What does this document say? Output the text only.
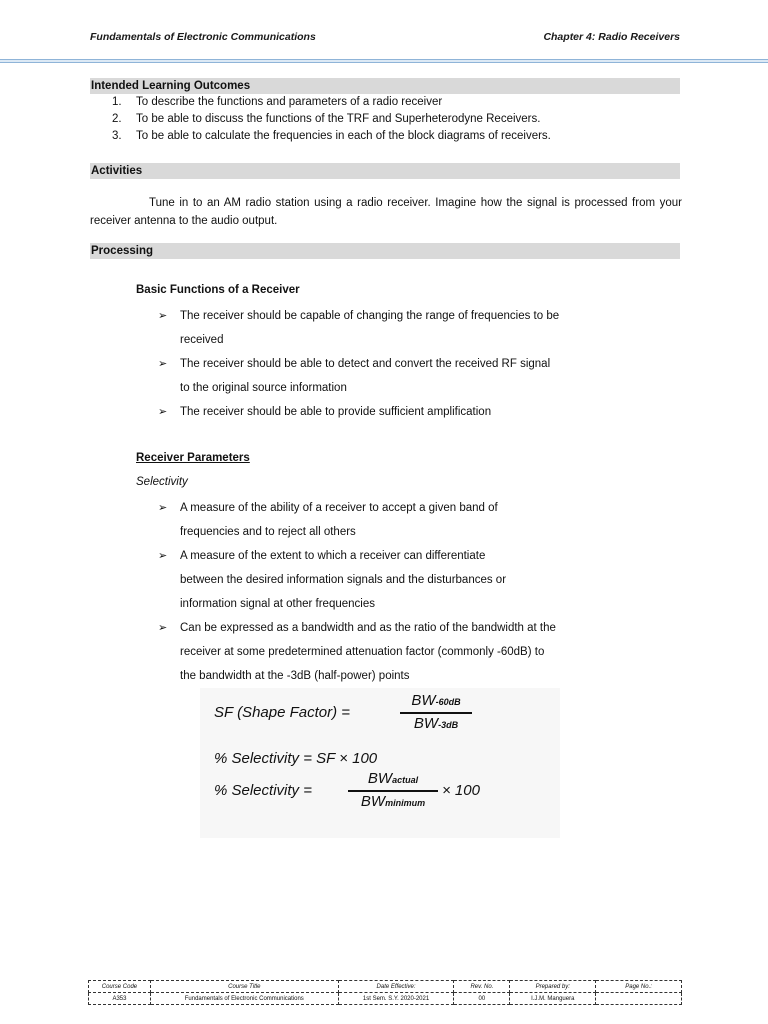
Fundamentals of Electronic Communications	Chapter 4: Radio Receivers
Intended Learning Outcomes
1. To describe the functions and parameters of a radio receiver
2. To be able to discuss the functions of the TRF and Superheterodyne Receivers.
3. To be able to calculate the frequencies in each of the block diagrams of receivers.
Activities
Tune in to an AM radio station using a radio receiver. Imagine how the signal is processed from your receiver antenna to the audio output.
Processing
Basic Functions of a Receiver
➢ The receiver should be capable of changing the range of frequencies to be
received
➢ The receiver should be able to detect and convert the received RF signal
to the original source information
➢ The receiver should be able to provide sufficient amplification
Receiver Parameters
Selectivity
➢ A measure of the ability of a receiver to accept a given band of
frequencies and to reject all others
➢ A measure of the extent to which a receiver can differentiate
between the desired information signals and the disturbances or
information signal at other frequencies
➢ Can be expressed as a bandwidth and as the ratio of the bandwidth at the
receiver at some predetermined attenuation factor (commonly -60dB) to
the bandwidth at the -3dB (half-power) points
SF (Shape Factor) =
BW-60dB
BW-3dB
% Selectivity = SF × 100
% Selectivity =
BWactual
BWminimum
× 100
Course Code	Course Title	Date Effective:	Rev. No.	Prepared by:	Page No.:
A353	Fundamentals of Electronic Communications	1st Sem. S.Y. 2020-2021	00	I.J.M. Manguera	
